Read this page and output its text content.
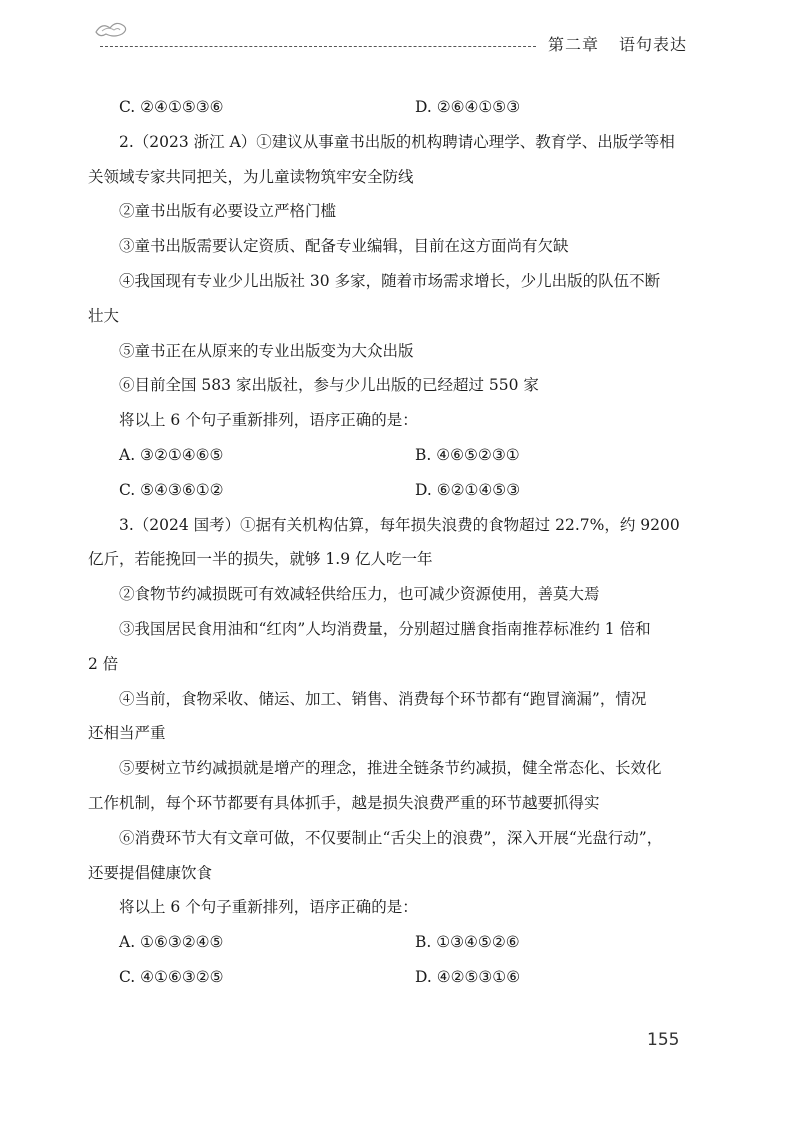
第二章 语句表达
C. ②④①⑤③⑥	D. ②⑥④①⑤③
2.（2023 浙江 A）①建议从事童书出版的机构聘请心理学、教育学、出版学等相
关领域专家共同把关，为儿童读物筑牢安全防线
②童书出版有必要设立严格门槛
③童书出版需要认定资质、配备专业编辑，目前在这方面尚有欠缺
④我国现有专业少儿出版社 30 多家，随着市场需求增长，少儿出版的队伍不断
壮大
⑤童书正在从原来的专业出版变为大众出版
⑥目前全国 583 家出版社，参与少儿出版的已经超过 550 家
将以上 6 个句子重新排列，语序正确的是：
A. ③②①④⑥⑤	B. ④⑥⑤②③①
C. ⑤④③⑥①②	D. ⑥②①④⑤③
3.（2024 国考）①据有关机构估算，每年损失浪费的食物超过 22.7%，约 9200
亿斤，若能挽回一半的损失，就够 1.9 亿人吃一年
②食物节约减损既可有效减轻供给压力，也可减少资源使用，善莫大焉
③我国居民食用油和“红肉”人均消费量，分别超过膳食指南推荐标准约 1 倍和
2 倍
④当前，食物采收、储运、加工、销售、消费每个环节都有“跑冒滴漏”，情况
还相当严重
⑤要树立节约减损就是增产的理念，推进全链条节约减损，健全常态化、长效化
工作机制，每个环节都要有具体抓手，越是损失浪费严重的环节越要抓得实
⑥消费环节大有文章可做，不仅要制止“舌尖上的浪费”，深入开展“光盘行动”，
还要提倡健康饮食
将以上 6 个句子重新排列，语序正确的是：
A. ①⑥③②④⑤	B. ①③④⑤②⑥
C. ④①⑥③②⑤	D. ④②⑤③①⑥
155
